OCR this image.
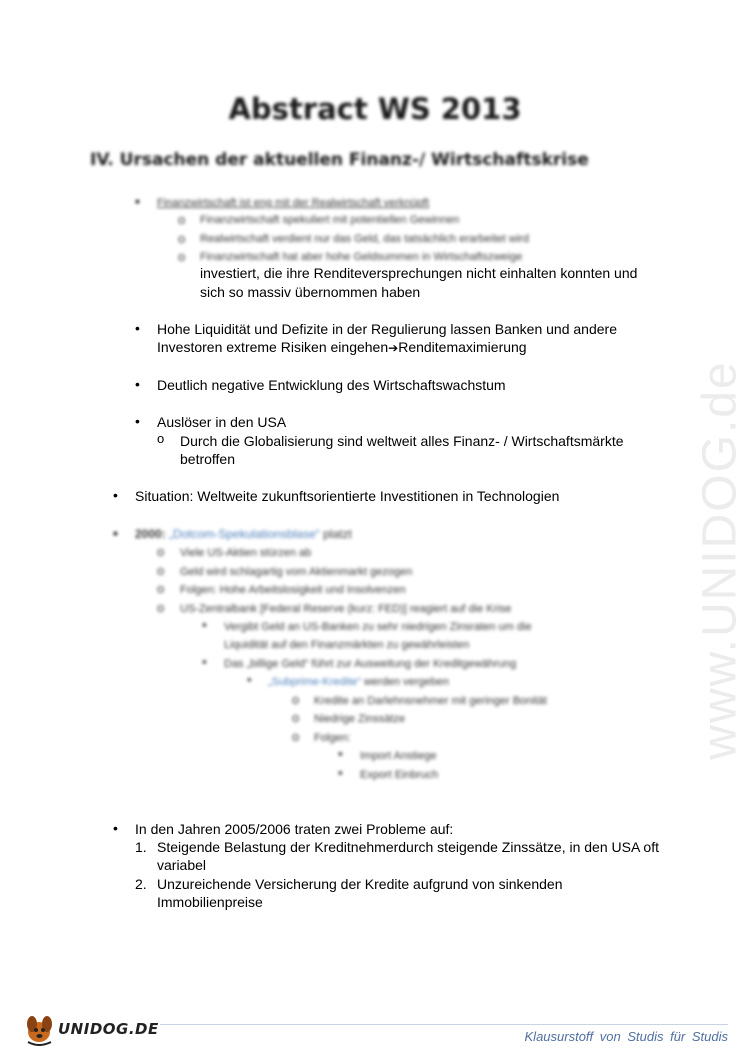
www.UNIDOG.de
Abstract WS 2013
IV. Ursachen der aktuellen Finanz-/ Wirtschaftskrise
• Finanzwirtschaft ist eng mit der Realwirtschaft verknüpft

o Finanzwirtschaft spekuliert mit potentiellen Gewinnen

o Realwirtschaft verdient nur das Geld, das tatsächlich erarbeitet wird

o Finanzwirtschaft hat aber hohe Geldsummen in Wirtschaftszweige

investiert, die ihre Renditeversprechungen nicht einhalten konnten und

sich so massiv übernommen haben

• Hohe Liquidität und Defizite in der Regulierung lassen Banken und andere

Investoren extreme Risiken eingehen➔Renditemaximierung

• Deutlich negative Entwicklung des Wirtschaftswachstum

• Auslöser in den USA

o Durch die Globalisierung sind weltweit alles Finanz- / Wirtschaftsmärkte

betroffen

• Situation: Weltweite zukunftsorientierte Investitionen in Technologien

• 2000: „Dotcom-Spekulationsblase“ platzt

o Viele US-Aktien stürzen ab

o Geld wird schlagartig vom Aktienmarkt gezogen

o Folgen: Hohe Arbeitslosigkeit und Insolvenzen

o US-Zentralbank [Federal Reserve (kurz: FED)] reagiert auf die Krise

▪ Vergibt Geld an US-Banken zu sehr niedrigen Zinsraten um die

Liquidität auf den Finanzmärkten zu gewährleisten

▪ Das „billige Geld“ führt zur Ausweitung der Kreditgewährung

• „Subprime-Kredite“ werden vergeben

o Kredite an Darlehnsnehmer mit geringer Bonität

o Niedrige Zinssätze

o Folgen:

▪ Import Anstiege

▪ Export Einbruch

• In den Jahren 2005/2006 traten zwei Probleme auf:

1. Steigende Belastung der Kreditnehmerdurch steigende Zinssätze, in den USA oft

variabel

2. Unzureichende Versicherung der Kredite aufgrund von sinkenden

Immobilienpreise

UNIDOG.DE	Klausurstoff von Studis für Studis
